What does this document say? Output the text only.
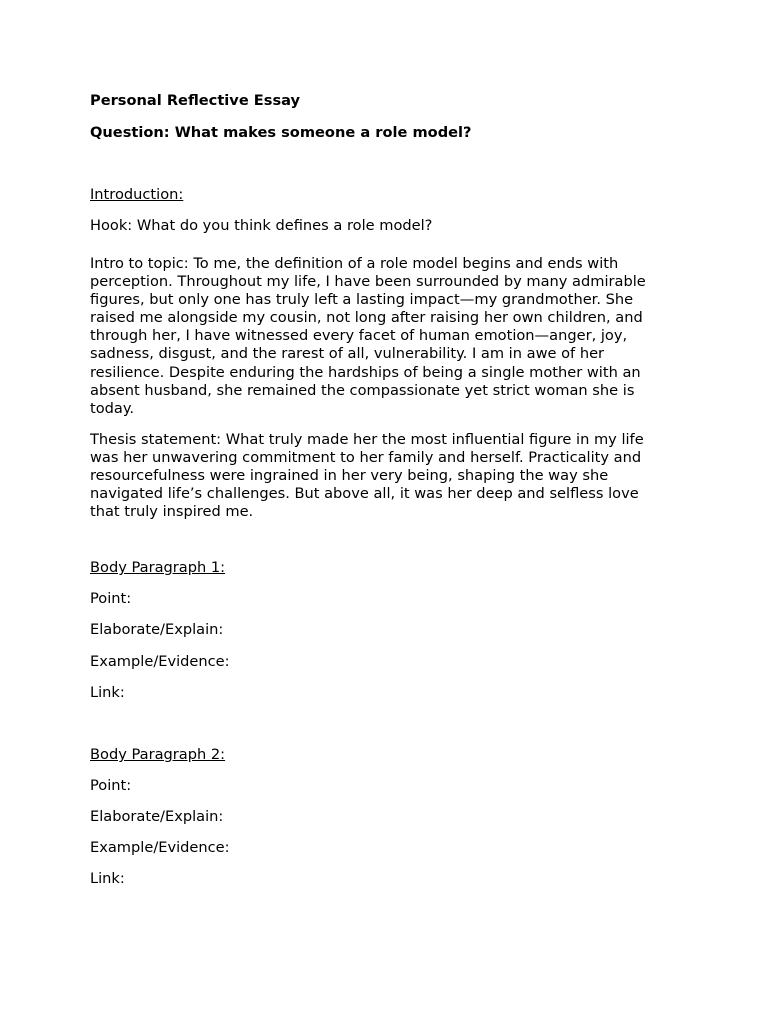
Personal Reflective Essay
Question: What makes someone a role model?
Introduction:
Hook: What do you think defines a role model?
Intro to topic: To me, the definition of a role model begins and ends with
perception. Throughout my life, I have been surrounded by many admirable
figures, but only one has truly left a lasting impact—my grandmother. She
raised me alongside my cousin, not long after raising her own children, and
through her, I have witnessed every facet of human emotion—anger, joy,
sadness, disgust, and the rarest of all, vulnerability. I am in awe of her
resilience. Despite enduring the hardships of being a single mother with an
absent husband, she remained the compassionate yet strict woman she is
today.
Thesis statement: What truly made her the most influential figure in my life
was her unwavering commitment to her family and herself. Practicality and
resourcefulness were ingrained in her very being, shaping the way she
navigated life’s challenges. But above all, it was her deep and selfless love
that truly inspired me.
Body Paragraph 1:
Point:
Elaborate/Explain:
Example/Evidence:
Link:
Body Paragraph 2:
Point:
Elaborate/Explain:
Example/Evidence:
Link:
